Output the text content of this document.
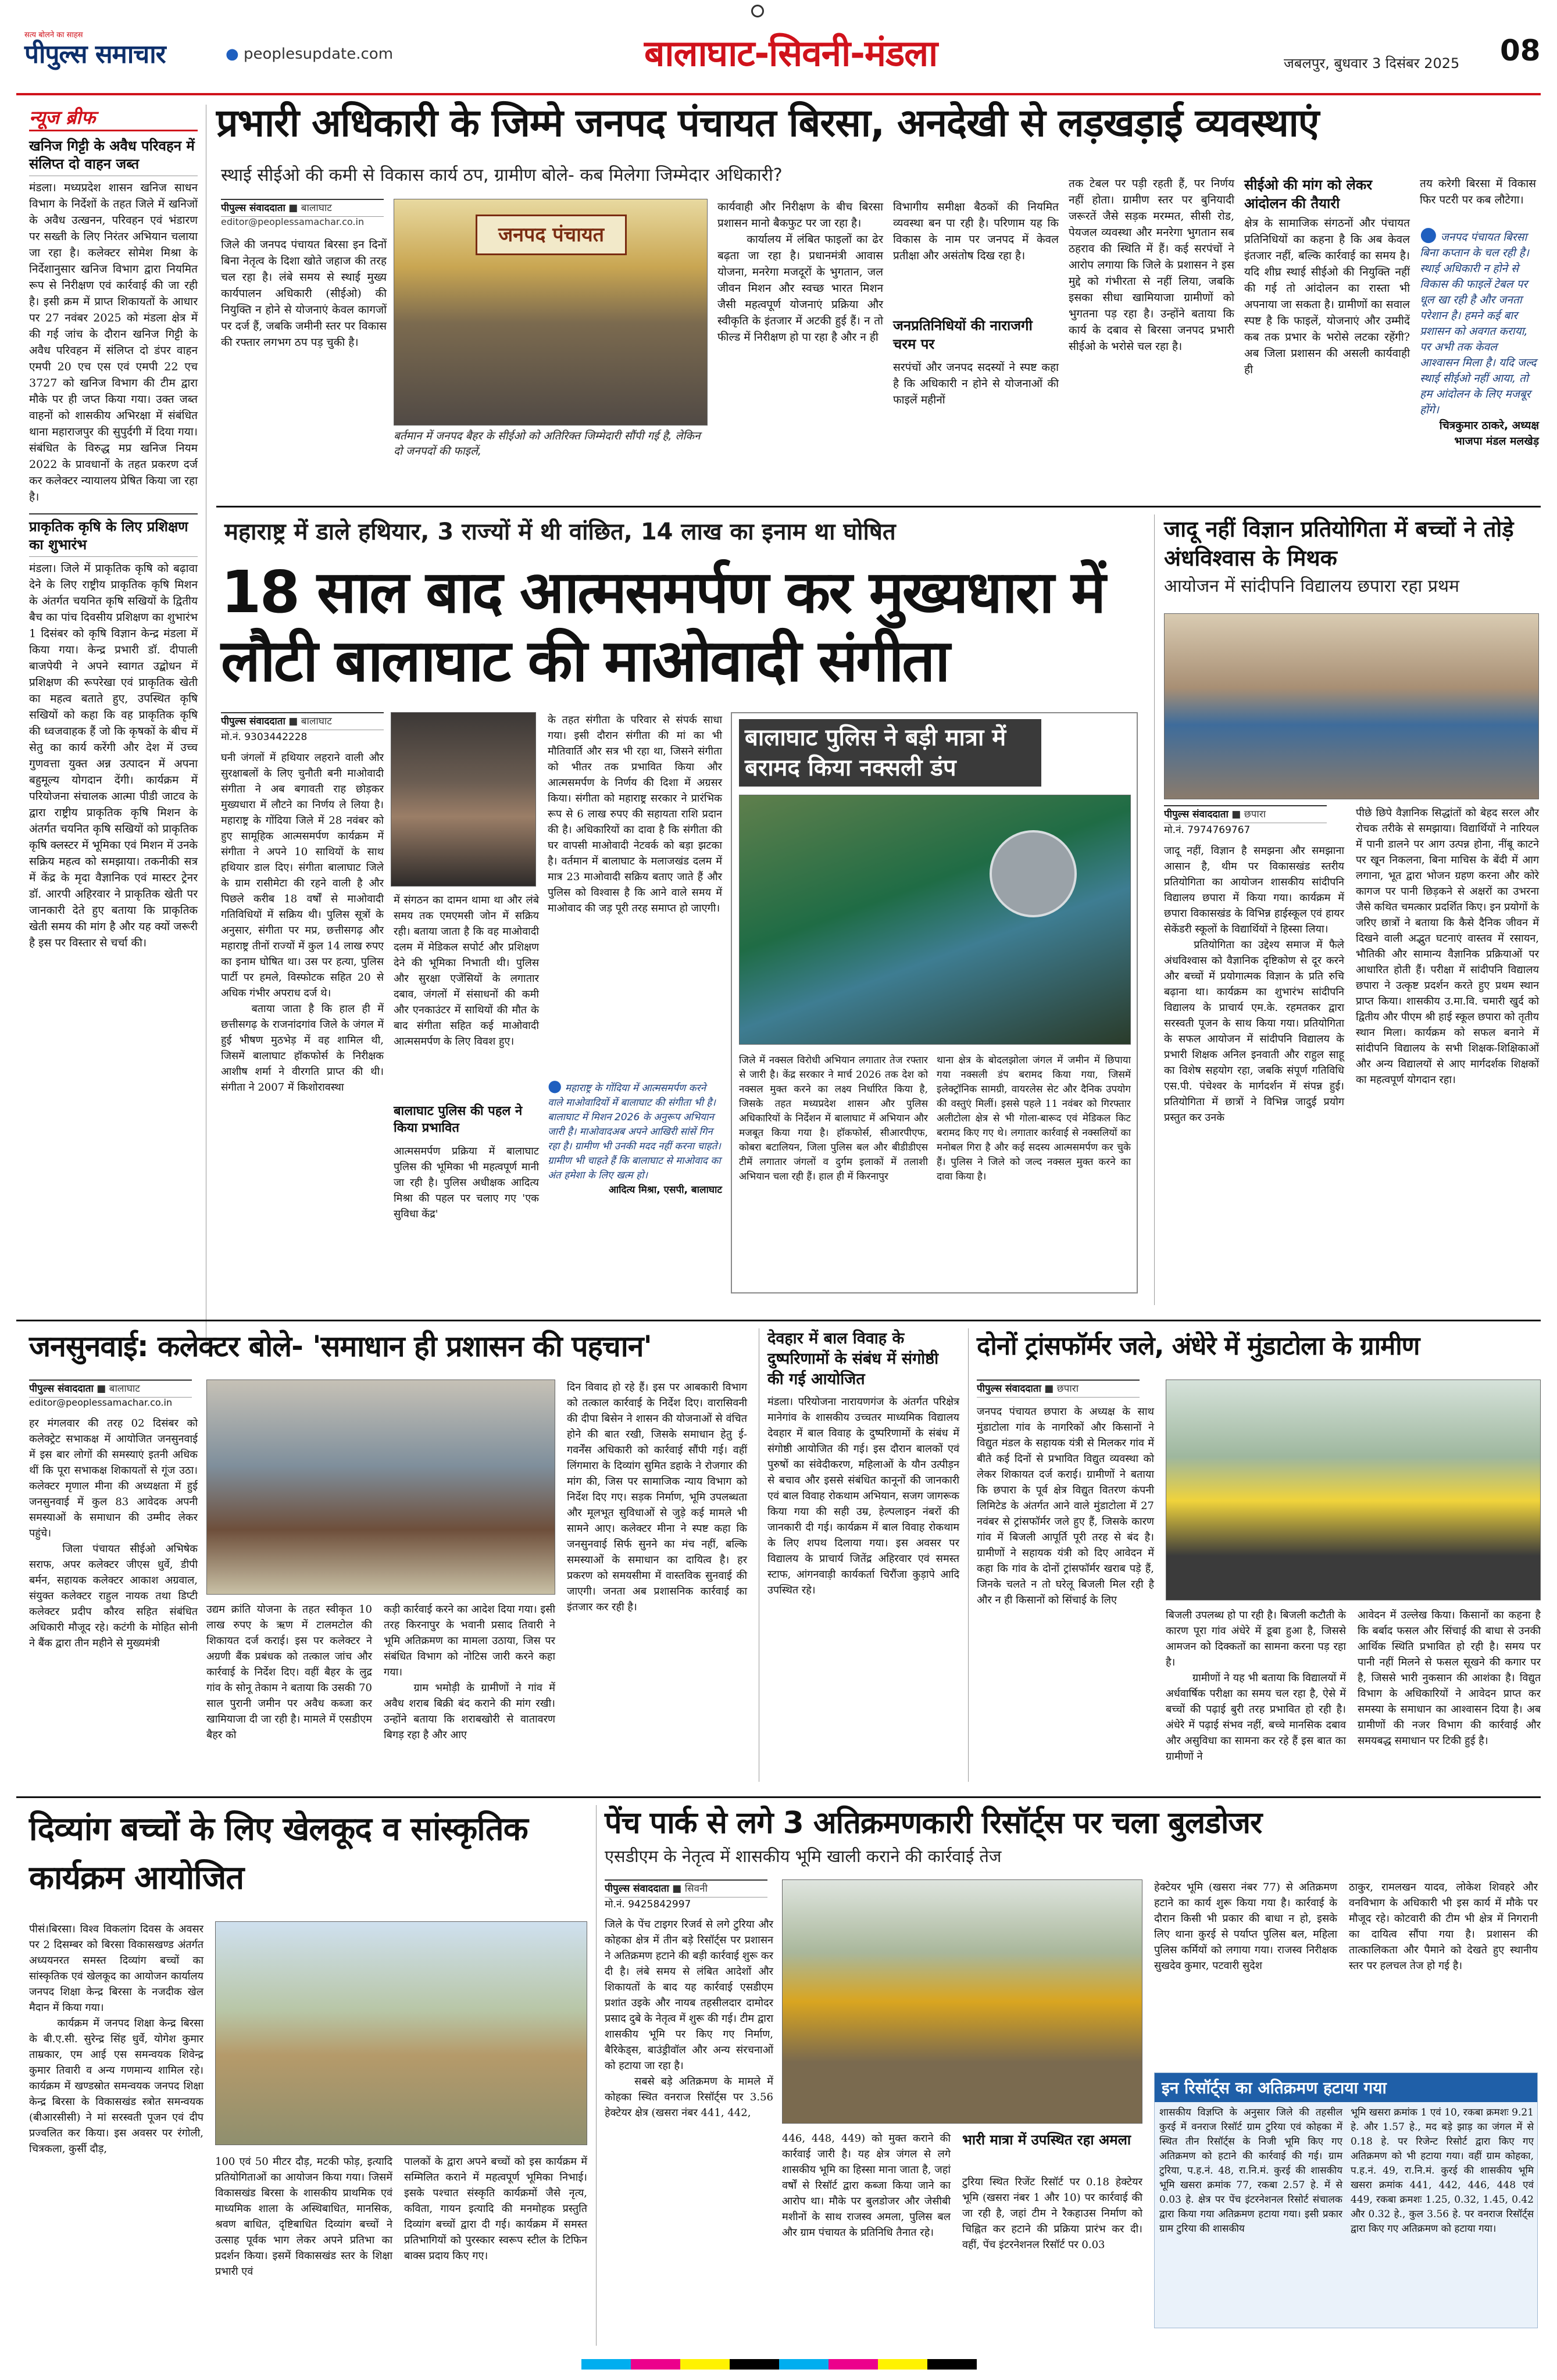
सत्य बोलने का साहस
पीपुल्स समाचार	● peoplesupdate.com	बालाघाट-सिवनी-मंडला	जबलपुर, बुधवार 3 दिसंबर 2025 08
न्यूज ब्रीफ
खनिज गिट्टी के अवैध परिवहन में संलिप्त दो वाहन जब्त
मंडला। मध्यप्रदेश शासन खनिज साधन विभाग के निर्देशों के तहत जिले में खनिजों के अवैध उत्खनन, परिवहन एवं भंडारण पर सख्ती के लिए निरंतर अभियान चलाया जा रहा है। कलेक्टर सोमेश मिश्रा के निर्देशानुसार खनिज विभाग द्वारा नियमित रूप से निरीक्षण एवं कार्रवाई की जा रही है। इसी क्रम में प्राप्त शिकायतों के आधार पर 27 नवंबर 2025 को मंडला क्षेत्र में की गई जांच के दौरान खनिज गिट्टी के अवैध परिवहन में संलिप्त दो डंपर वाहन एमपी 20 एच एस एवं एमपी 22 एच 3727 को खनिज विभाग की टीम द्वारा मौके पर ही जप्त किया गया। उक्त जब्त वाहनों को शासकीय अभिरक्षा में संबंधित थाना महाराजपुर की सुपुर्दगी में दिया गया। संबंधित के विरुद्ध मप्र खनिज नियम 2022 के प्रावधानों के तहत प्रकरण दर्ज कर कलेक्टर न्यायालय प्रेषित किया जा रहा है।
प्राकृतिक कृषि के लिए प्रशिक्षण का शुभारंभ
मंडला। जिले में प्राकृतिक कृषि को बढ़ावा देने के लिए राष्ट्रीय प्राकृतिक कृषि मिशन के अंतर्गत चयनित कृषि सखियों के द्वितीय बैच का पांच दिवसीय प्रशिक्षण का शुभारंभ 1 दिसंबर को कृषि विज्ञान केन्द्र मंडला में किया गया। केन्द्र प्रभारी डॉ. दीपाली बाजपेयी ने अपने स्वागत उद्बोधन में प्रशिक्षण की रूपरेखा एवं प्राकृतिक खेती का महत्व बताते हुए, उपस्थित कृषि सखियों को कहा कि वह प्राकृतिक कृषि की ध्वजवाहक हैं जो कि कृषकों के बीच में सेतु का कार्य करेंगी और देश में उच्च गुणवत्ता युक्त अन्न उत्पादन में अपना बहुमूल्य योगदान देंगी। कार्यक्रम में परियोजना संचालक आत्मा पीडी जाटव के द्वारा राष्ट्रीय प्राकृतिक कृषि मिशन के अंतर्गत चयनित कृषि सखियों को प्राकृतिक कृषि क्लस्टर में भूमिका एवं मिशन में उनके सक्रिय महत्व को समझाया। तकनीकी सत्र में केंद्र के मृदा वैज्ञानिक एवं मास्टर ट्रेनर डॉ. आरपी अहिरवार ने प्राकृतिक खेती पर जानकारी देते हुए बताया कि प्राकृतिक खेती समय की मांग है और यह क्यों जरूरी है इस पर विस्तार से चर्चा की।
प्रभारी अधिकारी के जिम्मे जनपद पंचायत बिरसा, अनदेखी से लड़खड़ाई व्यवस्थाएं
स्थाई सीईओ की कमी से विकास कार्य ठप, ग्रामीण बोले- कब मिलेगा जिम्मेदार अधिकारी?
पीपुल्स संवाददाता ■ बालाघाट
editor@peoplessamachar.co.in
जिले की जनपद पंचायत बिरसा इन दिनों बिना नेतृत्व के दिशा खोते जहाज की तरह चल रहा है। लंबे समय से स्थाई मुख्य कार्यपालन अधिकारी (सीईओ) की नियुक्ति न होने से योजनाएं केवल कागजों पर दर्ज हैं, जबकि जमीनी स्तर पर विकास की रफ्तार लगभग ठप पड़ चुकी है।
जनपद पंचायत
बर्तमान में जनपद बैहर के सीईओ को अतिरिक्त जिम्मेदारी सौंपी गई है, लेकिन दो जनपदों की फाइलें,
कार्यवाही और निरीक्षण के बीच बिरसा प्रशासन मानो बैकफुट पर जा रहा है।
	कार्यालय में लंबित फाइलों का ढेर बढ़ता जा रहा है। प्रधानमंत्री आवास योजना, मनरेगा मजदूरों के भुगतान, जल जीवन मिशन और स्वच्छ भारत मिशन जैसी महत्वपूर्ण योजनाएं प्रक्रिया और स्वीकृति के इंतजार में अटकी हुई हैं। न तो फील्ड में निरीक्षण हो पा रहा है और न ही
विभागीय समीक्षा बैठकों की नियमित व्यवस्था बन पा रही है। परिणाम यह कि विकास के नाम पर जनपद में केवल प्रतीक्षा और असंतोष दिख रहा है।
जनप्रतिनिधियों की नाराजगी चरम पर
सरपंचों और जनपद सदस्यों ने स्पष्ट कहा है कि अधिकारी न होने से योजनाओं की फाइलें महीनों
तक टेबल पर पड़ी रहती हैं, पर निर्णय नहीं होता। ग्रामीण स्तर पर बुनियादी जरूरतें जैसे सड़क मरम्मत, सीसी रोड, पेयजल व्यवस्था और मनरेगा भुगतान सब ठहराव की स्थिति में हैं। कई सरपंचों ने आरोप लगाया कि जिले के प्रशासन ने इस मुद्दे को गंभीरता से नहीं लिया, जबकि इसका सीधा खामियाजा ग्रामीणों को भुगतना पड़ रहा है। उन्होंने बताया कि कार्य के दबाव से बिरसा जनपद प्रभारी सीईओ के भरोसे चल रहा है।
सीईओ की मांग को लेकर आंदोलन की तैयारी
क्षेत्र के सामाजिक संगठनों और पंचायत प्रतिनिधियों का कहना है कि अब केवल इंतजार नहीं, बल्कि कार्रवाई का समय है। यदि शीघ्र स्थाई सीईओ की नियुक्ति नहीं की गई तो आंदोलन का रास्ता भी अपनाया जा सकता है। ग्रामीणों का सवाल स्पष्ट है कि फाइलें, योजनाएं और उम्मीदें कब तक प्रभार के भरोसे लटका रहेंगी? अब जिला प्रशासन की असली कार्यवाही ही
तय करेगी बिरसा में विकास फिर पटरी पर कब लौटेगा।
● जनपद पंचायत बिरसा बिना कप्तान के चल रही है। स्थाई अधिकारी न होने से विकास की फाइलें टेबल पर धूल खा रही है और जनता परेशान है। हमने कई बार प्रशासन को अवगत कराया, पर अभी तक केवल आश्वासन मिला है। यदि जल्द स्थाई सीईओ नहीं आया, तो हम आंदोलन के लिए मजबूर होंगे।
चित्रकुमार ठाकरे, अध्यक्ष भाजपा मंडल मलखेड़
महाराष्ट्र में डाले हथियार, 3 राज्यों में थी वांछित, 14 लाख का इनाम था घोषित
18 साल बाद आत्मसमर्पण कर मुख्यधारा में लौटी बालाघाट की माओवादी संगीता
पीपुल्स संवाददाता ■ बालाघाट
मो.नं. 9303442228
घनी जंगलों में हथियार लहराने वाली और सुरक्षाबलों के लिए चुनौती बनी माओवादी संगीता ने अब बगावती राह छोड़कर मुख्यधारा में लौटने का निर्णय ले लिया है। महाराष्ट्र के गोंदिया जिले में 28 नवंबर को हुए सामूहिक आत्मसमर्पण कार्यक्रम में संगीता ने अपने 10 साथियों के साथ हथियार डाल दिए। संगीता बालाघाट जिले के ग्राम रासीमेटा की रहने वाली है और पिछले करीब 18 वर्षों से माओवादी गतिविधियों में सक्रिय थी। पुलिस सूत्रों के अनुसार, संगीता पर मप्र, छत्तीसगढ़ और महाराष्ट्र तीनों राज्यों में कुल 14 लाख रुपए का इनाम घोषित था। उस पर हत्या, पुलिस पार्टी पर हमले, विस्फोटक सहित 20 से अधिक गंभीर अपराध दर्ज थे।
	बताया जाता है कि हाल ही में छत्तीसगढ़ के राजनांदगांव जिले के जंगल में हुई भीषण मुठभेड़ में वह शामिल थी, जिसमें बालाघाट हॉकफोर्स के निरीक्षक आशीष शर्मा ने वीरगति प्राप्त की थी। संगीता ने 2007 में किशोरावस्था
में संगठन का दामन थामा था और लंबे समय तक एमएमसी जोन में सक्रिय रही। बताया जाता है कि वह माओवादी दलम में मेडिकल सपोर्ट और प्रशिक्षण देने की भूमिका निभाती थी। पुलिस और सुरक्षा एजेंसियों के लगातार दबाव, जंगलों में संसाधनों की कमी और एनकाउंटर में साथियों की मौत के बाद संगीता सहित कई माओवादी आत्मसमर्पण के लिए विवश हुए।
बालाघाट पुलिस की पहल ने किया प्रभावित
आत्मसमर्पण प्रक्रिया में बालाघाट पुलिस की भूमिका भी महत्वपूर्ण मानी जा रही है। पुलिस अधीक्षक आदित्य मिश्रा की पहल पर चलाए गए 'एक सुविधा केंद्र'
के तहत संगीता के परिवार से संपर्क साधा गया। इसी दौरान संगीता की मां का भी मौतिवार्ति और सत्र भी रहा था, जिसने संगीता को भीतर तक प्रभावित किया और आत्मसमर्पण के निर्णय की दिशा में अग्रसर किया। संगीता को महाराष्ट्र सरकार ने प्रारंभिक रूप से 6 लाख रुपए की सहायता राशि प्रदान की है। अधिकारियों का दावा है कि संगीता की घर वापसी माओवादी नेटवर्क को बड़ा झटका है। वर्तमान में बालाघाट के मलाजखंड दलम में मात्र 23 माओवादी सक्रिय बताए जाते हैं और पुलिस को विश्वास है कि आने वाले समय में माओवाद की जड़ पूरी तरह समाप्त हो जाएगी।
● महाराष्ट्र के गोंदिया में आत्मसमर्पण करने वाले माओवादियों में बालाघाट की संगीता भी है। बालाघाट में मिशन 2026 के अनुरूप अभियान जारी है। माओवादअब अपने आखिरी सांसें गिन रहा है। ग्रामीण भी उनकी मदद नहीं करना चाहते। ग्रामीण भी चाहते हैं कि बालाघाट से माओवाद का अंत हमेशा के लिए खत्म हो।
आदित्य मिश्रा, एसपी, बालाघाट
बालाघाट पुलिस ने बड़ी मात्रा में बरामद किया नक्सली डंप
जिले में नक्सल विरोधी अभियान लगातार तेज रफ्तार से जारी है। केंद्र सरकार ने मार्च 2026 तक देश को नक्सल मुक्त करने का लक्ष्य निर्धारित किया है, जिसके तहत मध्यप्रदेश शासन और पुलिस अधिकारियों के निर्देशन में बालाघाट में अभियान और मजबूत किया गया है। हॉकफोर्स, सीआरपीएफ, कोबरा बटालियन, जिला पुलिस बल और बीडीडीएस टीमें लगातार जंगलों व दुर्गम इलाकों में तलाशी अभियान चला रही हैं। हाल ही में किरनापुर
थाना क्षेत्र के बोदलझोला जंगल में जमीन में छिपाया गया नक्सली डंप बरामद किया गया, जिसमें इलेक्ट्रॉनिक सामग्री, वायरलेस सेट और दैनिक उपयोग की वस्तुएं मिलीं। इससे पहले 11 नवंबर को गिरफ्तार अलीटोला क्षेत्र से भी गोला-बारूद एवं मेडिकल किट बरामद किए गए थे। लगातार कार्रवाई से नक्सलियों का मनोबल गिरा है और कई सदस्य आत्मसमर्पण कर चुके हैं। पुलिस ने जिले को जल्द नक्सल मुक्त करने का दावा किया है।
जादू नहीं विज्ञान प्रतियोगिता में बच्चों ने तोड़े अंधविश्वास के मिथक
आयोजन में सांदीपनि विद्यालय छपारा रहा प्रथम
पीपुल्स संवाददाता ■ छपारा
मो.नं. 7974769767
जादू नहीं, विज्ञान है समझना और समझाना आसान है, थीम पर विकासखंड स्तरीय प्रतियोगिता का आयोजन शासकीय सांदीपनि विद्यालय छपारा में किया गया। कार्यक्रम में छपारा विकासखंड के विभिन्न हाईस्कूल एवं हायर सेकेंडरी स्कूलों के विद्यार्थियों ने हिस्सा लिया।
	प्रतियोगिता का उद्देश्य समाज में फैले अंधविश्वास को वैज्ञानिक दृष्टिकोण से दूर करने और बच्चों में प्रयोगात्मक विज्ञान के प्रति रुचि बढ़ाना था। कार्यक्रम का शुभारंभ सांदीपनि विद्यालय के प्राचार्य एम.के. रहमतकर द्वारा सरस्वती पूजन के साथ किया गया। प्रतियोगिता के सफल आयोजन में सांदीपनि विद्यालय के प्रभारी शिक्षक अनिल इनवाती और राहुल साहू का विशेष सहयोग रहा, जबकि संपूर्ण गतिविधि एस.पी. पंचेश्वर के मार्गदर्शन में संपन्न हुई। प्रतियोगिता में छात्रों ने विभिन्न जादुई प्रयोग प्रस्तुत कर उनके
पीछे छिपे वैज्ञानिक सिद्धांतों को बेहद सरल और रोचक तरीके से समझाया। विद्यार्थियों ने नारियल में पानी डालने पर आग उत्पन्न होना, नींबू काटने पर खून निकलना, बिना माचिस के बेंदी में आग लगाना, भूत द्वारा भोजन ग्रहण करना और कोरे कागज पर पानी छिड़कने से अक्षरों का उभरना जैसे कथित चमत्कार प्रदर्शित किए। इन प्रयोगों के जरिए छात्रों ने बताया कि कैसे दैनिक जीवन में दिखने वाली अद्भुत घटनाएं वास्तव में रसायन, भौतिकी और सामान्य वैज्ञानिक प्रक्रियाओं पर आधारित होती हैं। परीक्षा में सांदीपनि विद्यालय छपारा ने उत्कृष्ट प्रदर्शन करते हुए प्रथम स्थान प्राप्त किया। शासकीय उ.मा.वि. चमारी खुर्द को द्वितीय और पीएम श्री हाई स्कूल छपारा को तृतीय स्थान मिला। कार्यक्रम को सफल बनाने में सांदीपनि विद्यालय के सभी शिक्षक-शिक्षिकाओं और अन्य विद्यालयों से आए मार्गदर्शक शिक्षकों का महत्वपूर्ण योगदान रहा।
जनसुनवाई: कलेक्टर बोले- 'समाधान ही प्रशासन की पहचान'
पीपुल्स संवाददाता ■ बालाघाट
editor@peoplessamachar.co.in
हर मंगलवार की तरह 02 दिसंबर को कलेक्ट्रेट सभाकक्ष में आयोजित जनसुनवाई में इस बार लोगों की समस्याएं इतनी अधिक थीं कि पूरा सभाकक्ष शिकायतों से गूंज उठा। कलेक्टर मृणाल मीना की अध्यक्षता में हुई जनसुनवाई में कुल 83 आवेदक अपनी समस्याओं के समाधान की उम्मीद लेकर पहुंचे।
	जिला पंचायत सीईओ अभिषेक सराफ, अपर कलेक्टर जीएस धुर्वे, डीपी बर्मन, सहायक कलेक्टर आकाश अग्रवाल, संयुक्त कलेक्टर राहुल नायक तथा डिप्टी कलेक्टर प्रदीप कौरव सहित संबंधित अधिकारी मौजूद रहे। कटंगी के मोहित सोनी ने बैंक द्वारा तीन महीने से मुख्यमंत्री
उद्यम क्रांति योजना के तहत स्वीकृत 10 लाख रुपए के ऋण में टालमटोल की शिकायत दर्ज कराई। इस पर कलेक्टर ने अग्रणी बैंक प्रबंधक को तत्काल जांच और कार्रवाई के निर्देश दिए। वहीं बैहर के लुद्र गांव के सोनू तेकाम ने बताया कि उसकी 70 साल पुरानी जमीन पर अवैध कब्जा कर खामियाजा दी जा रही है। मामले में एसडीएम बैहर को
कड़ी कार्रवाई करने का आदेश दिया गया। इसी तरह किरनापुर के भवानी प्रसाद तिवारी ने भूमि अतिक्रमण का मामला उठाया, जिस पर संबंधित विभाग को नोटिस जारी करने कहा गया।
	ग्राम भमोड़ी के ग्रामीणों ने गांव में अवैध शराब बिक्री बंद कराने की मांग रखी। उन्होंने बताया कि शराबखोरी से वातावरण बिगड़ रहा है और आए
दिन विवाद हो रहे हैं। इस पर आबकारी विभाग को तत्काल कार्रवाई के निर्देश दिए। वारासिवनी की दीपा बिसेन ने शासन की योजनाओं से वंचित होने की बात रखी, जिसके समाधान हेतु ई-गवर्नेंस अधिकारी को कार्रवाई सौंपी गई। वहीं लिंगमारा के दिव्यांग सुमित डहाके ने रोजगार की मांग की, जिस पर सामाजिक न्याय विभाग को निर्देश दिए गए। सड़क निर्माण, भूमि उपलब्धता और मूलभूत सुविधाओं से जुड़े कई मामले भी सामने आए। कलेक्टर मीना ने स्पष्ट कहा कि जनसुनवाई सिर्फ सुनने का मंच नहीं, बल्कि समस्याओं के समाधान का दायित्व है। हर प्रकरण को समयसीमा में वास्तविक सुनवाई की जाएगी। जनता अब प्रशासनिक कार्रवाई का इंतजार कर रही है।
देवहार में बाल विवाह के दुष्परिणामों के संबंध में संगोष्ठी की गई आयोजित
मंडला। परियोजना नारायणगंज के अंतर्गत परिक्षेत्र मानेगांव के शासकीय उच्चतर माध्यमिक विद्यालय देवहार में बाल विवाह के दुष्परिणामों के संबंध में संगोष्ठी आयोजित की गई। इस दौरान बालकों एवं पुरुषों का संवेदीकरण, महिलाओं के यौन उत्पीड़न से बचाव और इससे संबंधित कानूनों की जानकारी एवं बाल विवाह रोकथाम अभियान, सजग जागरूक किया गया की सही उम्र, हेल्पलाइन नंबरों की जानकारी दी गई। कार्यक्रम में बाल विवाह रोकथाम के लिए शपथ दिलाया गया। इस अवसर पर विद्यालय के प्राचार्य जितेंद्र अहिरवार एवं समस्त स्टाफ, आंगनवाड़ी कार्यकर्ता चिरौंजा कुड़ापे आदि उपस्थित रहे।
दोनों ट्रांसफॉर्मर जले, अंधेरे में मुंडाटोला के ग्रामीण
पीपुल्स संवाददाता ■ छपारा
जनपद पंचायत छपारा के अध्यक्ष के साथ मुंडाटोला गांव के नागरिकों और किसानों ने विद्युत मंडल के सहायक यंत्री से मिलकर गांव में बीते कई दिनों से प्रभावित विद्युत व्यवस्था को लेकर शिकायत दर्ज कराई। ग्रामीणों ने बताया कि छपारा के पूर्व क्षेत्र विद्युत वितरण कंपनी लिमिटेड के अंतर्गत आने वाले मुंडाटोला में 27 नवंबर से ट्रांसफॉर्मर जले हुए हैं, जिसके कारण गांव में बिजली आपूर्ति पूरी तरह से बंद है। ग्रामीणों ने सहायक यंत्री को दिए आवेदन में कहा कि गांव के दोनों ट्रांसफॉर्मर खराब पड़े हैं, जिनके चलते न तो घरेलू बिजली मिल रही है और न ही किसानों को सिंचाई के लिए
बिजली उपलब्ध हो पा रही है। बिजली कटौती के कारण पूरा गांव अंधेरे में डूबा हुआ है, जिससे आमजन को दिक्कतों का सामना करना पड़ रहा है।
	ग्रामीणों ने यह भी बताया कि विद्यालयों में अर्धवार्षिक परीक्षा का समय चल रहा है, ऐसे में बच्चों की पढ़ाई बुरी तरह प्रभावित हो रही है। अंधेरे में पढ़ाई संभव नहीं, बच्चे मानसिक दबाव और असुविधा का सामना कर रहे हैं इस बात का ग्रामीणों ने
आवेदन में उल्लेख किया। किसानों का कहना है कि बर्बाद फसल और सिंचाई की बाधा से उनकी आर्थिक स्थिति प्रभावित हो रही है। समय पर पानी नहीं मिलने से फसल सूखने की कगार पर है, जिससे भारी नुकसान की आशंका है। विद्युत विभाग के अधिकारियों ने आवेदन प्राप्त कर समस्या के समाधान का आश्वासन दिया है। अब ग्रामीणों की नजर विभाग की कार्रवाई और समयबद्ध समाधान पर टिकी हुई है।
दिव्यांग बच्चों के लिए खेलकूद व सांस्कृतिक कार्यक्रम आयोजित
पीसं।बिरसा। विश्व विकलांग दिवस के अवसर पर 2 दिसम्बर को बिरसा विकासखण्ड अंतर्गत अध्ययनरत समस्त दिव्यांग बच्चों का सांस्कृतिक एवं खेलकूद का आयोजन कार्यालय जनपद शिक्षा केन्द्र बिरसा के नजदीक खेल मैदान में किया गया।
	कार्यक्रम में जनपद शिक्षा केन्द्र बिरसा के बी.ए.सी. सुरेन्द्र सिंह धुर्वे, योगेश कुमार ताम्रकार, एम आई एस समन्वयक शिवेन्द्र कुमार तिवारी व अन्य गणमान्य शामिल रहे। कार्यक्रम में खण्डस्रोत समन्वयक जनपद शिक्षा केन्द्र बिरसा के विकासखंड स्त्रोत समन्वयक (बीआरसीसी) ने मां सरस्वती पूजन एवं दीप प्रज्वलित कर किया। इस अवसर पर रंगोली, चित्रकला, कुर्सी दौड़,
100 एवं 50 मीटर दौड़, मटकी फोड़, इत्यादि प्रतियोगिताओं का आयोजन किया गया। जिसमें विकासखंड बिरसा के शासकीय प्राथमिक एवं माध्यमिक शाला के अस्थिबाधित, मानसिक, श्रवण बाधित, दृष्टिबाधित दिव्यांग बच्चों ने उत्साह पूर्वक भाग लेकर अपने प्रतिभा का प्रदर्शन किया। इसमें विकासखंड स्तर के शिक्षा प्रभारी एवं
पालकों के द्वारा अपने बच्चों को इस कार्यक्रम में सम्मिलित कराने में महत्वपूर्ण भूमिका निभाई। इसके पश्चात संस्कृति कार्यक्रमों जैसे नृत्य, कविता, गायन इत्यादि की मनमोहक प्रस्तुति दिव्यांग बच्चों द्वारा दी गई। कार्यक्रम में समस्त प्रतिभागियों को पुरस्कार स्वरूप स्टील के टिफिन बाक्स प्रदाय किए गए।
पेंच पार्क से लगे 3 अतिक्रमणकारी रिसॉर्ट्स पर चला बुलडोजर
एसडीएम के नेतृत्व में शासकीय भूमि खाली कराने की कार्रवाई तेज
पीपुल्स संवाददाता ■ सिवनी
मो.नं. 9425842997
जिले के पेंच टाइगर रिजर्व से लगे टुरिया और कोहका क्षेत्र में तीन बड़े रिसॉर्ट्स पर प्रशासन ने अतिक्रमण हटाने की बड़ी कार्रवाई शुरू कर दी है। लंबे समय से लंबित आदेशों और शिकायतों के बाद यह कार्रवाई एसडीएम प्रशांत उइके और नायब तहसीलदार दामोदर प्रसाद दुबे के नेतृत्व में शुरू की गई। टीम द्वारा शासकीय भूमि पर किए गए निर्माण, बैरिकेड्स, बाउंड्रीवॉल और अन्य संरचनाओं को हटाया जा रहा है।
	सबसे बड़े अतिक्रमण के मामले में कोहका स्थित वनराज रिसॉर्ट्स पर 3.56 हेक्टेयर क्षेत्र (खसरा नंबर 441, 442,
446, 448, 449) को मुक्त कराने की कार्रवाई जारी है। यह क्षेत्र जंगल से लगे शासकीय भूमि का हिस्सा माना जाता है, जहां वर्षों से रिसॉर्ट द्वारा कब्जा किया जाने का आरोप था। मौके पर बुलडोजर और जेसीबी मशीनों के साथ राजस्व अमला, पुलिस बल और ग्राम पंचायत के प्रतिनिधि तैनात रहे।
भारी मात्रा में उपस्थित रहा अमला
टुरिया स्थित रिजेंट रिसॉर्ट पर 0.18 हेक्टेयर भूमि (खसरा नंबर 1 और 10) पर कार्रवाई की जा रही है, जहां टीम ने रैकहाउस निर्माण को चिह्नित कर हटाने की प्रक्रिया प्रारंभ कर दी। वहीं, पेंच इंटरनेशनल रिसॉर्ट पर 0.03
हेक्टेयर भूमि (खसरा नंबर 77) से अतिक्रमण हटाने का कार्य शुरू किया गया है। कार्रवाई के दौरान किसी भी प्रकार की बाधा न हो, इसके लिए थाना कुरई से पर्याप्त पुलिस बल, महिला पुलिस कर्मियों को लगाया गया। राजस्व निरीक्षक सुखदेव कुमार, पटवारी सुदेश
ठाकुर, रामलखन यादव, लोकेश शिवहरे और वनविभाग के अधिकारी भी इस कार्य में मौके पर मौजूद रहे। कोटवारी की टीम भी क्षेत्र में निगरानी का दायित्व सौंपा गया है। प्रशासन की तात्कालिकता और पैमाने को देखते हुए स्थानीय स्तर पर हलचल तेज हो गई है।
इन रिसॉर्ट्स का अतिक्रमण हटाया गया
शासकीय विज्ञप्ति के अनुसार जिले की तहसील कुरई में वनराज रिसॉर्ट ग्राम टुरिया एवं कोहका में स्थित तीन रिसॉर्ट्स के निजी भूमि किए गए अतिक्रमण को हटाने की कार्रवाई की गई। ग्राम टुरिया, प.ह.नं. 48, रा.नि.मं. कुरई की शासकीय भूमि खसरा क्रमांक 77, रकबा 2.57 हे. में से 0.03 हे. क्षेत्र पर पेंच इंटरनेशनल रिसोर्ट संचालक द्वारा किया गया अतिक्रमण हटाया गया। इसी प्रकार ग्राम टुरिया की शासकीय
भूमि खसरा क्रमांक 1 एवं 10, रकबा क्रमशः 9.21 हे. और 1.57 हे., मद बड़े झाड़ का जंगल में से 0.18 हे. पर रिजेन्ट रिसोर्ट द्वारा किए गए अतिक्रमण को भी हटाया गया। वहीं ग्राम कोहका, प.ह.नं. 49, रा.नि.मं. कुरई की शासकीय भूमि खसरा क्रमांक 441, 442, 446, 448 एवं 449, रकबा क्रमशः 1.25, 0.32, 1.45, 0.42 और 0.32 हे., कुल 3.56 हे. पर वनराज रिसॉर्ट्स द्वारा किए गए अतिक्रमण को हटाया गया।
